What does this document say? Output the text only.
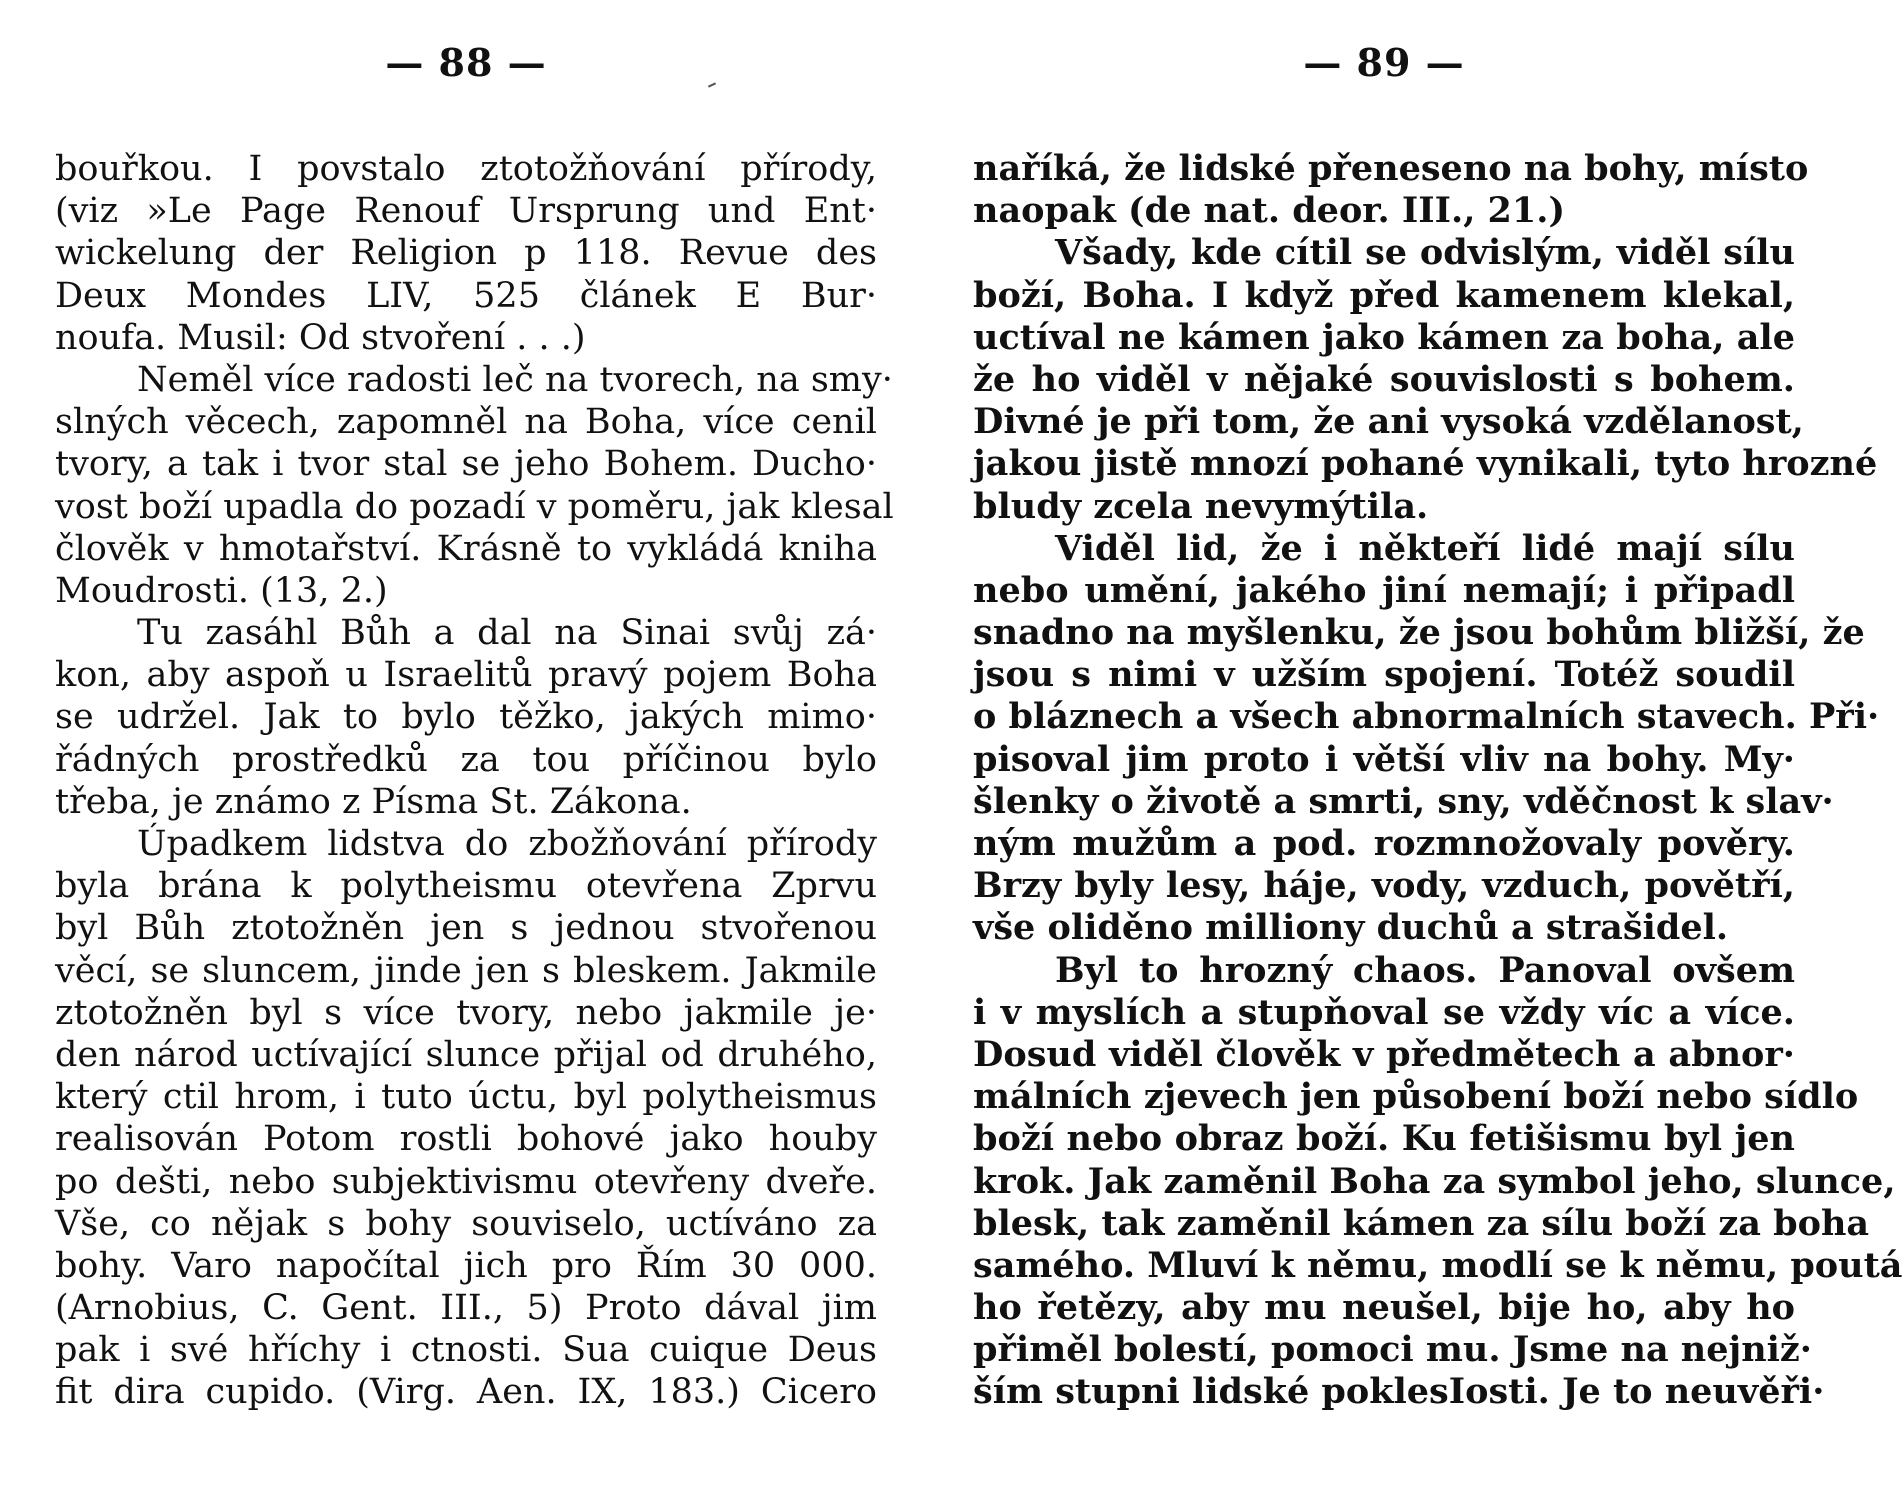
— 88 —
bouřkou. I povstalo ztotožňování přírody,
(viz »Le Page Renouf Ursprung und Ent·
wickelung der Religion p 118. Revue des
Deux Mondes LIV, 525 článek E Bur·
noufa. Musil: Od stvoření . . .)
Neměl více radosti leč na tvorech, na smy·
slných věcech, zapomněl na Boha, více cenil
tvory, a tak i tvor stal se jeho Bohem. Ducho·
vost boží upadla do pozadí v poměru, jak klesal
člověk v hmotařství. Krásně to vykládá kniha
Moudrosti. (13, 2.)
Tu zasáhl Bůh a dal na Sinai svůj zá·
kon, aby aspoň u Israelitů pravý pojem Boha
se udržel. Jak to bylo těžko, jakých mimo·
řádných prostředků za tou příčinou bylo
třeba, je známo z Písma St. Zákona.
Úpadkem lidstva do zbožňování přírody
byla brána k polytheismu otevřena Zprvu
byl Bůh ztotožněn jen s jednou stvořenou
věcí, se sluncem, jinde jen s bleskem. Jakmile
ztotožněn byl s více tvory, nebo jakmile je·
den národ uctívající slunce přijal od druhého,
který ctil hrom, i tuto úctu, byl polytheismus
realisován Potom rostli bohové jako houby
po dešti, nebo subjektivismu otevřeny dveře.
Vše, co nějak s bohy souviselo, uctíváno za
bohy. Varo napočítal jich pro Řím 30 000.
(Arnobius, C. Gent. III., 5) Proto dával jim
pak i své hříchy i ctnosti. Sua cuique Deus
fit dira cupido. (Virg. Aen. IX, 183.) Cicero
— 89 —
naříká, že lidské přeneseno na bohy, místo
naopak (de nat. deor. III., 21.)
Všady, kde cítil se odvislým, viděl sílu
boží, Boha. I když před kamenem klekal,
uctíval ne kámen jako kámen za boha, ale
že ho viděl v nějaké souvislosti s bohem.
Divné je při tom, že ani vysoká vzdělanost,
jakou jistě mnozí pohané vynikali, tyto hrozné
bludy zcela nevymýtila.
Viděl lid, že i někteří lidé mají sílu
nebo umění, jakého jiní nemají; i připadl
snadno na myšlenku, že jsou bohům bližší, že
jsou s nimi v užším spojení. Totéž soudil
o bláznech a všech abnormalních stavech. Při·
pisoval jim proto i větší vliv na bohy. My·
šlenky o životě a smrti, sny, vděčnost k slav·
ným mužům a pod. rozmnožovaly pověry.
Brzy byly lesy, háje, vody, vzduch, povětří,
vše oliděno milliony duchů a strašidel.
Byl to hrozný chaos. Panoval ovšem
i v myslích a stupňoval se vždy víc a více.
Dosud viděl člověk v předmětech a abnor·
málních zjevech jen působení boží nebo sídlo
boží nebo obraz boží. Ku fetišismu byl jen
krok. Jak zaměnil Boha za symbol jeho, slunce,
blesk, tak zaměnil kámen za sílu boží za boha
samého. Mluví k němu, modlí se k němu, poutá
ho řetězy, aby mu neušel, bije ho, aby ho
přiměl bolestí, pomoci mu. Jsme na nejniž·
ším stupni lidské poklesIosti. Je to neuvěři·
